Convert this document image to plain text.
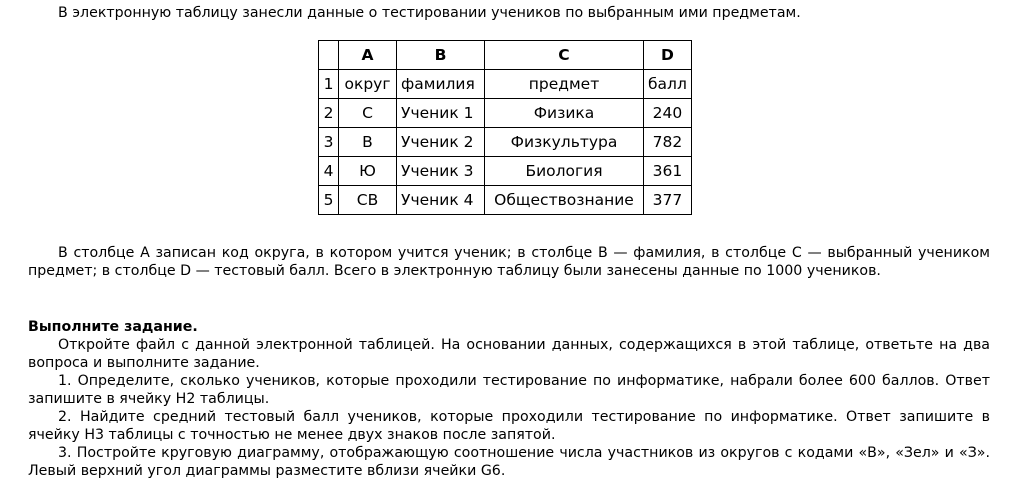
В электронную таблицу занесли данные о тестировании учеников по выбранным ими предметам.
	A	B	C	D
1	округ	фамилия	предмет	балл
2	С	Ученик 1	Физика	240
3	В	Ученик 2	Физкультура	782
4	Ю	Ученик 3	Биология	361
5	СВ	Ученик 4	Обществознание	377
В столбце A записан код округа, в котором учится ученик; в столбце B — фамилия, в столбце C — выбранный учеником предмет; в столбце D — тестовый балл. Всего в электронную таблицу были занесены данные по 1000 учеников.
Выполните задание.

Откройте файл с данной электронной таблицей. На основании данных, содержащихся в этой таблице, ответьте на два вопроса и выполните задание.

1. Определите, сколько учеников, которые проходили тестирование по информатике, набрали более 600 баллов. Ответ запишите в ячейку H2 таблицы.

2. Найдите средний тестовый балл учеников, которые проходили тестирование по информатике. Ответ запишите в ячейку H3 таблицы с точностью не менее двух знаков после запятой.

3. Постройте круговую диаграмму, отображающую соотношение числа участников из округов с кодами «В», «Зел» и «З». Левый верхний угол диаграммы разместите вблизи ячейки G6.
